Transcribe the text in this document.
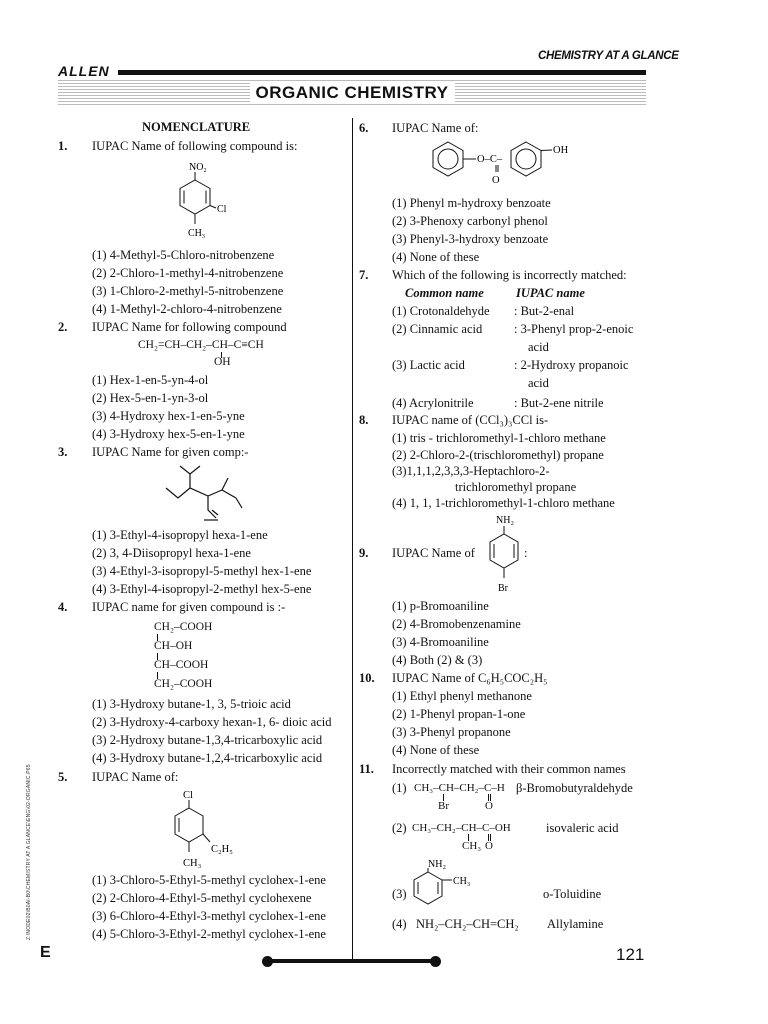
CHEMISTRY AT A GLANCE
ALLEN
ORGANIC CHEMISTRY
NOMENCLATURE
1. IUPAC Name of following compound is:
$NO_2$
Cl
$CH_3$
(1) 4-Methyl-5-Chloro-nitrobenzene
(2) 2-Chloro-1-methyl-4-nitrobenzene
(3) 1-Chloro-2-methyl-5-nitrobenzene
(4) 1-Methyl-2-chloro-4-nitrobenzene
2. IUPAC Name for following compound
CH₂=CH–CH₂–CH–C≡CH
OH
(1) Hex-1-en-5-yn-4-ol
(2) Hex-5-en-1-yn-3-ol
(3) 4-Hydroxy hex-1-en-5-yne
(4) 3-Hydroxy hex-5-en-1-yne
3. IUPAC Name for given comp:-
(1) 3-Ethyl-4-isopropyl hexa-1-ene
(2) 3, 4-Diisopropyl hexa-1-ene
(3) 4-Ethyl-3-isopropyl-5-methyl hex-1-ene
(4) 3-Ethyl-4-isopropyl-2-methyl hex-5-ene
4. IUPAC name for given compound is :-
CH₂–COOH
CH–OH
CH–COOH
CH₂–COOH
(1) 3-Hydroxy butane-1, 3, 5-trioic acid
(2) 3-Hydroxy-4-carboxy hexan-1, 6- dioic acid
(3) 2-Hydroxy butane-1,3,4-tricarboxylic acid
(4) 3-Hydroxy butane-1,2,4-tricarboxylic acid
5. IUPAC Name of:
Cl
C₂H₅
CH₃
(1) 3-Chloro-5-Ethyl-5-methyl cyclohex-1-ene
(2) 2-Chloro-4-Ethyl-5-methyl cyclohexene
(3) 6-Chloro-4-Ethyl-3-methyl cyclohex-1-ene
(4) 5-Chloro-3-Ethyl-2-methyl cyclohex-1-ene
6. IUPAC Name of:
O–C–
O
OH
(1) Phenyl m-hydroxy benzoate
(2) 3-Phenoxy carbonyl phenol
(3) Phenyl-3-hydroxy benzoate
(4) None of these
7. Which of the following is incorrectly matched:
Common name	IUPAC name
(1) Crotonaldehyde : But-2-enal
(2) Cinnamic acid	: 3-Phenyl prop-2-enoic
acid
(3) Lactic acid	: 2-Hydroxy propanoic
acid
(4) Acrylonitrile	: But-2-ene nitrile
8. IUPAC name of (CCl₃)₃CCl is-
(1) tris - trichloromethyl-1-chloro methane
(2) 2-Chloro-2-(trischloromethyl) propane
(3)1,1,1,2,3,3,3-Heptachloro-2-
trichloromethyl propane
(4) 1, 1, 1-trichloromethyl-1-chloro methane
9. IUPAC Name of
NH₂
Br
:
(1) p-Bromoaniline
(2) 4-Bromobenzenamine
(3) 4-Bromoaniline
(4) Both (2) & (3)
10. IUPAC Name of C₆H₅COC₂H₅
(1) Ethyl phenyl methanone
(2) 1-Phenyl propan-1-one
(3) 3-Phenyl propanone
(4) None of these
11. Incorrectly matched with their common names
(1) CH₃–CH–CH₂–C–H
Br	O
β-Bromobutyraldehyde
(2) CH₃–CH₂–CH–C–OH
CH₃ O
isovaleric acid
(3)
NH₂
CH₃
o-Toluidine
(4) NH₂–CH₂–CH=CH₂ Allylamine
Z:\NODE02\B0AI-B0\CHEMISTRY AT A GLANCE\ENG\02-ORGANIC.P65
E	121
